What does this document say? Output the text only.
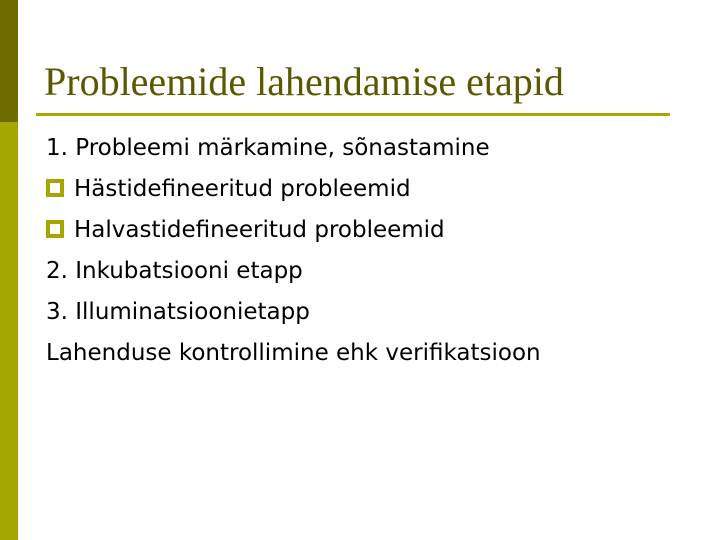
Probleemide lahendamise etapid
1. Probleemi märkamine, sõnastamine
Hästidefineeritud probleemid
Halvastidefineeritud probleemid
2. Inkubatsiooni etapp
3. Illuminatsioonietapp
Lahenduse kontrollimine ehk verifikatsioon
